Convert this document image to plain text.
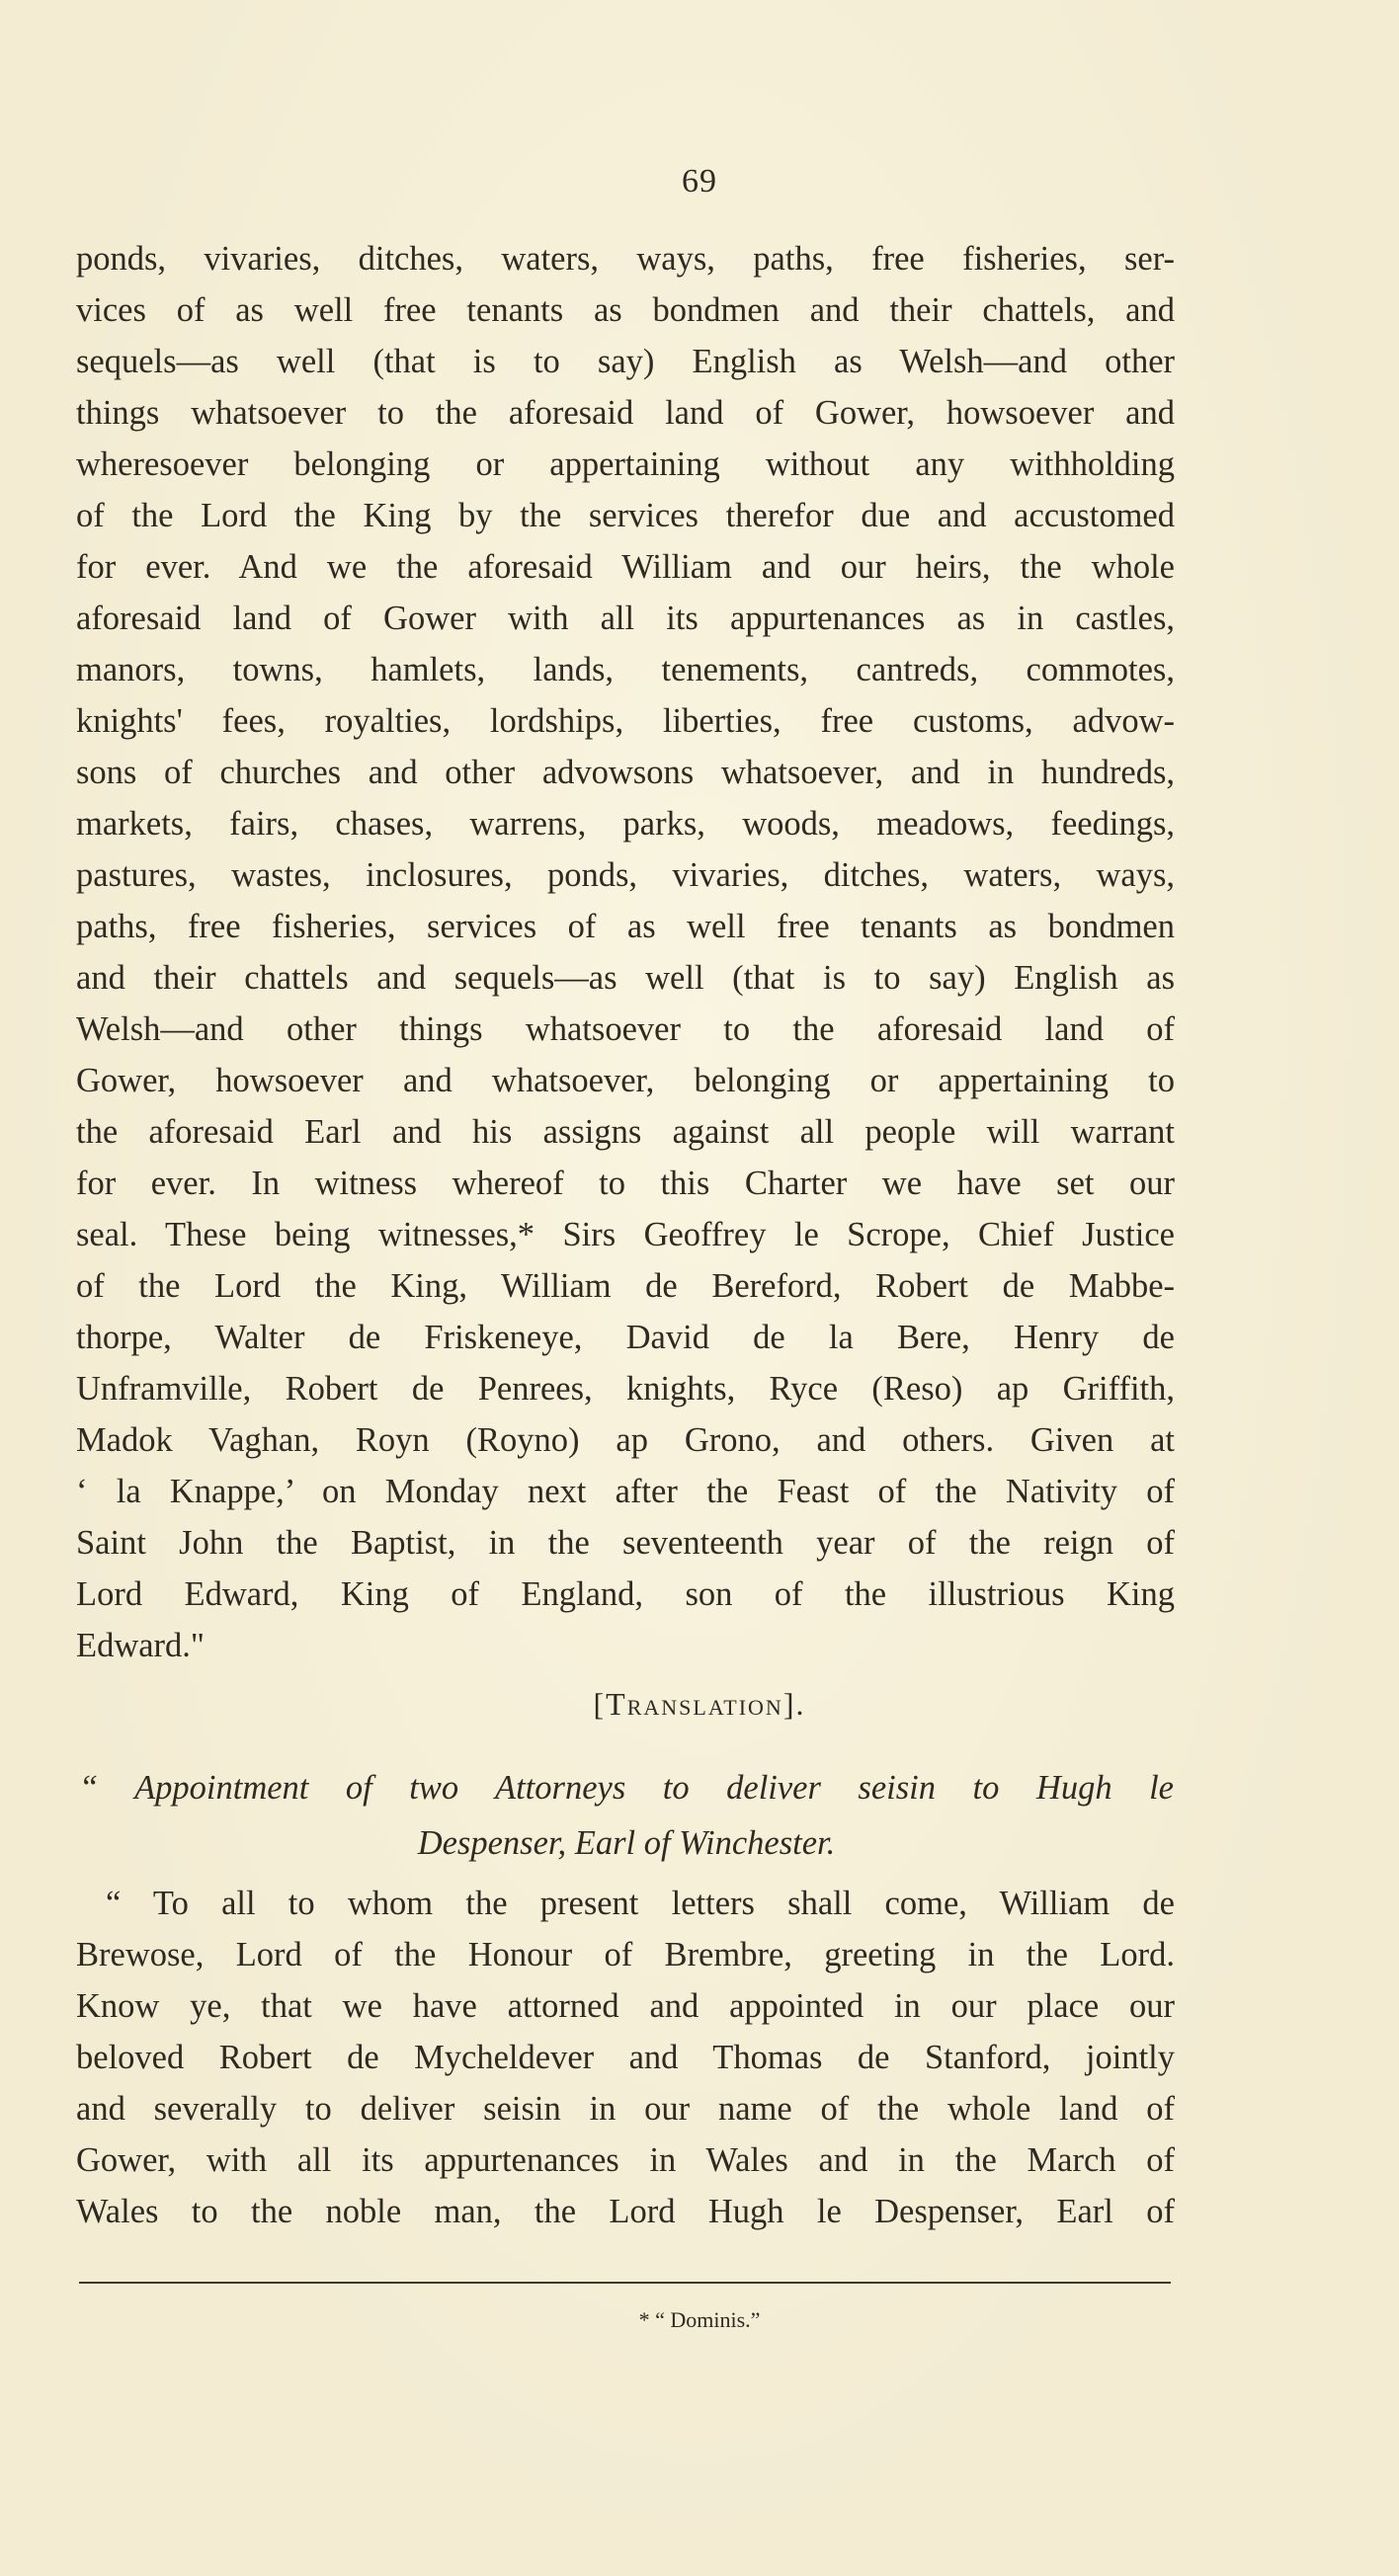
69
ponds, vivaries, ditches, waters, ways, paths, free fisheries, ser-
vices of as well free tenants as bondmen and their chattels, and
sequels—as well (that is to say) English as Welsh—and other
things whatsoever to the aforesaid land of Gower, howsoever and
wheresoever belonging or appertaining without any withholding
of the Lord the King by the services therefor due and accustomed
for ever. And we the aforesaid William and our heirs, the whole
aforesaid land of Gower with all its appurtenances as in castles,
manors, towns, hamlets, lands, tenements, cantreds, commotes,
knights' fees, royalties, lordships, liberties, free customs, advow-
sons of churches and other advowsons whatsoever, and in hundreds,
markets, fairs, chases, warrens, parks, woods, meadows, feedings,
pastures, wastes, inclosures, ponds, vivaries, ditches, waters, ways,
paths, free fisheries, services of as well free tenants as bondmen
and their chattels and sequels—as well (that is to say) English as
Welsh—and other things whatsoever to the aforesaid land of
Gower, howsoever and whatsoever, belonging or appertaining to
the aforesaid Earl and his assigns against all people will warrant
for ever. In witness whereof to this Charter we have set our
seal. These being witnesses,* Sirs Geoffrey le Scrope, Chief Justice
of the Lord the King, William de Bereford, Robert de Mabbe-
thorpe, Walter de Friskeneye, David de la Bere, Henry de
Unframville, Robert de Penrees, knights, Ryce (Reso) ap Griffith,
Madok Vaghan, Royn (Royno) ap Grono, and others. Given at
‘ la Knappe,’ on Monday next after the Feast of the Nativity of
Saint John the Baptist, in the seventeenth year of the reign of
Lord Edward, King of England, son of the illustrious King
Edward."
[Translation].
“ Appointment of two Attorneys to deliver seisin to Hugh le
Despenser, Earl of Winchester.
“ To all to whom the present letters shall come, William de
Brewose, Lord of the Honour of Brembre, greeting in the Lord.
Know ye, that we have attorned and appointed in our place our
beloved Robert de Mycheldever and Thomas de Stanford, jointly
and severally to deliver seisin in our name of the whole land of
Gower, with all its appurtenances in Wales and in the March of
Wales to the noble man, the Lord Hugh le Despenser, Earl of
* “ Dominis.”
